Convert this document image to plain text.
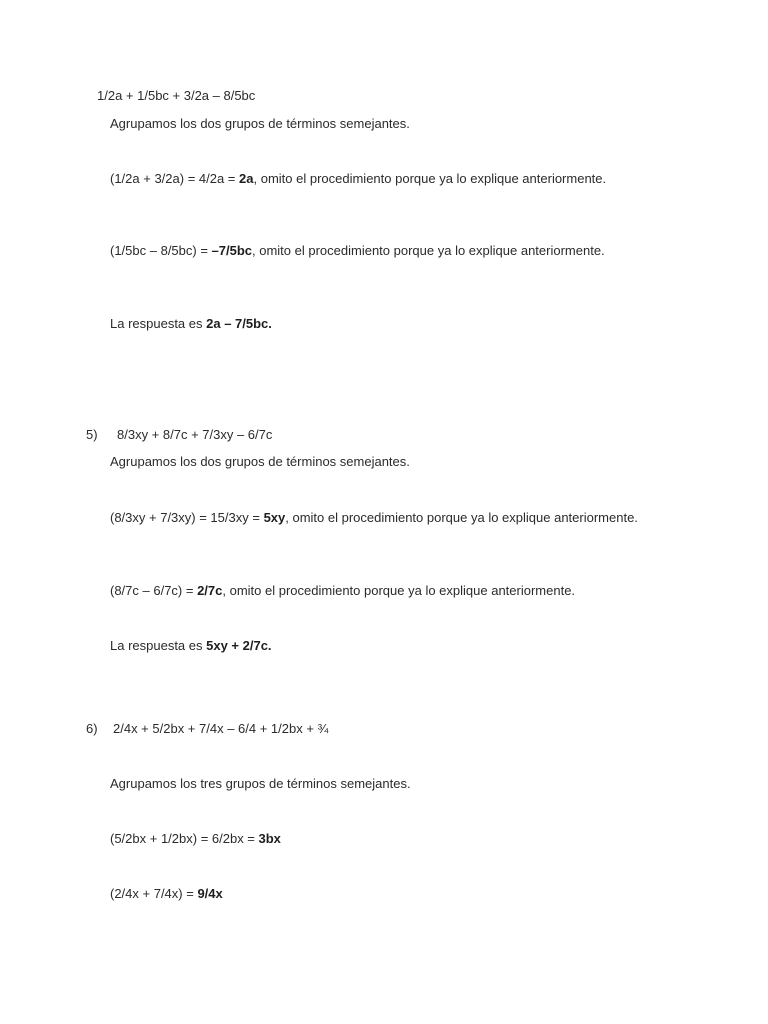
1/2a + 1/5bc + 3/2a – 8/5bc
Agrupamos los dos grupos de términos semejantes.
(1/2a + 3/2a) = 4/2a = 2a, omito el procedimiento porque ya lo explique anteriormente.
(1/5bc – 8/5bc) = –7/5bc, omito el procedimiento porque ya lo explique anteriormente.
La respuesta es 2a – 7/5bc.
5) 8/3xy + 8/7c + 7/3xy – 6/7c
Agrupamos los dos grupos de términos semejantes.
(8/3xy + 7/3xy) = 15/3xy = 5xy, omito el procedimiento porque ya lo explique anteriormente.
(8/7c – 6/7c) = 2/7c, omito el procedimiento porque ya lo explique anteriormente.
La respuesta es 5xy + 2/7c.
6) 2/4x + 5/2bx + 7/4x – 6/4 + 1/2bx + ¾
Agrupamos los tres grupos de términos semejantes.
(5/2bx + 1/2bx) = 6/2bx = 3bx
(2/4x + 7/4x) = 9/4x
